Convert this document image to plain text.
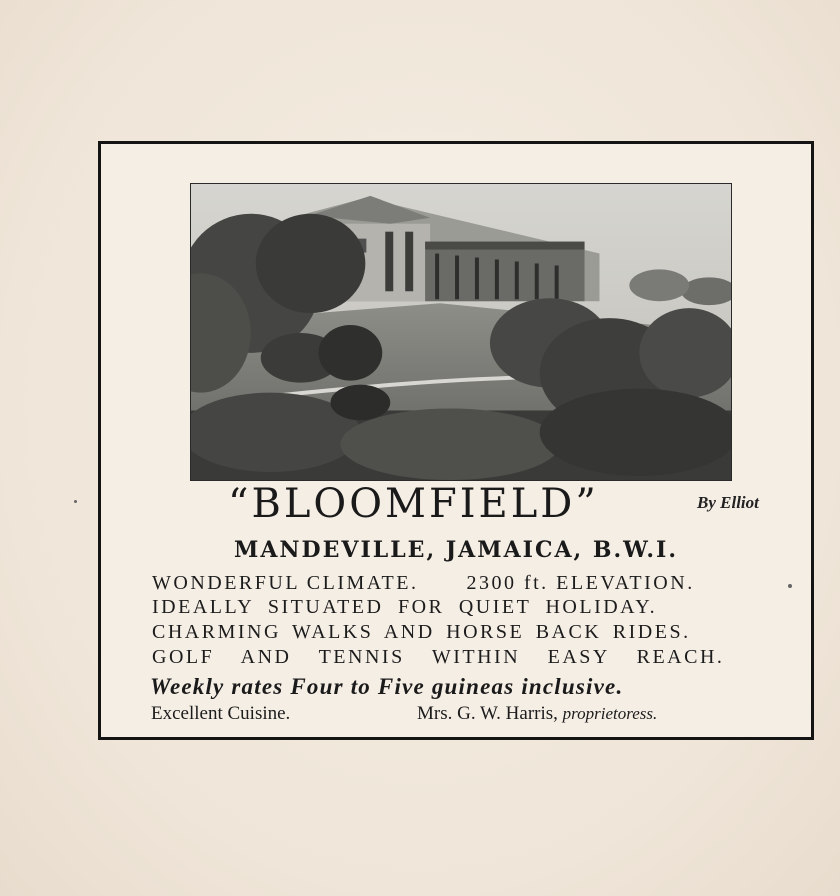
“BLOOMFIELD”	By Elliot
MANDEVILLE, JAMAICA, B.W.I.
WONDERFUL CLIMATE. 2300 ft. ELEVATION.
IDEALLY SITUATED FOR QUIET HOLIDAY.
CHARMING WALKS AND HORSE BACK RIDES.
GOLF AND TENNIS WITHIN EASY REACH.
Weekly rates Four to Five guineas inclusive.
Excellent Cuisine.	Mrs. G. W. Harris, proprietoress.
